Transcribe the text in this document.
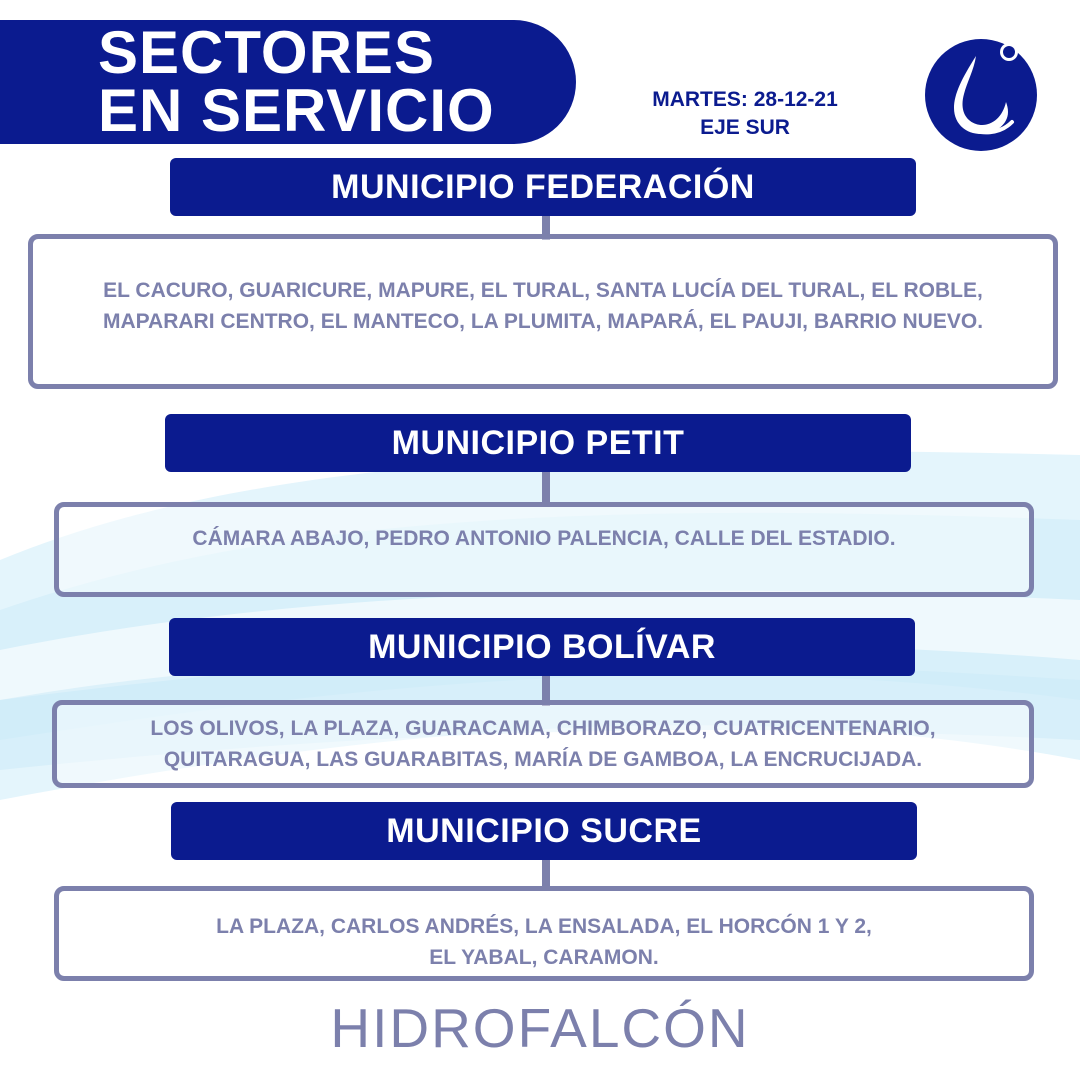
SECTORES
EN SERVICIO	MARTES: 28-12-21
EJE SUR
MUNICIPIO FEDERACIÓN
EL CACURO, GUARICURE, MAPURE, EL TURAL, SANTA LUCÍA DEL TURAL, EL ROBLE,
MAPARARI CENTRO, EL MANTECO, LA PLUMITA, MAPARÁ, EL PAUJI, BARRIO NUEVO.
MUNICIPIO PETIT
CÁMARA ABAJO, PEDRO ANTONIO PALENCIA, CALLE DEL ESTADIO.
MUNICIPIO BOLÍVAR
LOS OLIVOS, LA PLAZA, GUARACAMA, CHIMBORAZO, CUATRICENTENARIO,
QUITARAGUA, LAS GUARABITAS, MARÍA DE GAMBOA, LA ENCRUCIJADA.
MUNICIPIO SUCRE
LA PLAZA, CARLOS ANDRÉS, LA ENSALADA, EL HORCÓN 1 Y 2,
EL YABAL, CARAMON.
HIDROFALCÓN
